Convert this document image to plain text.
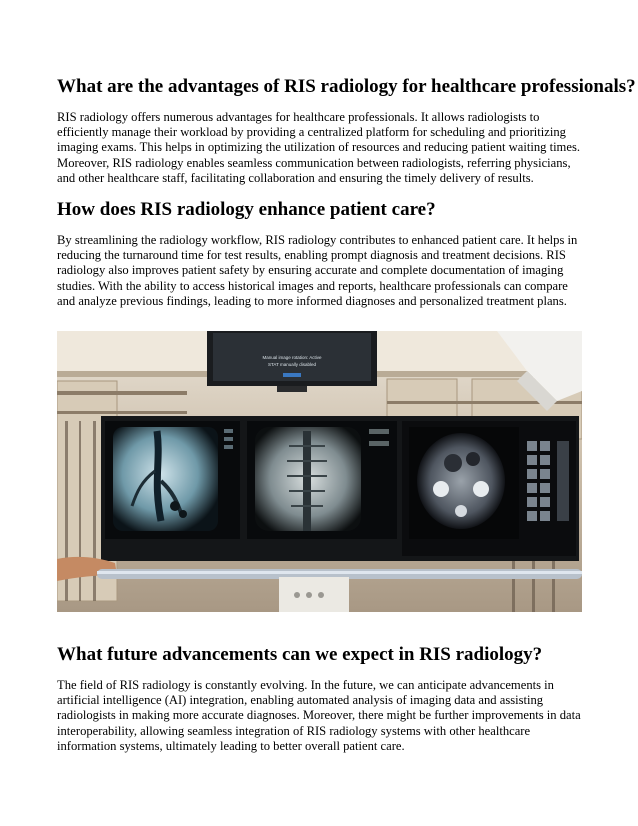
What are the advantages of RIS radiology for healthcare professionals?
RIS radiology offers numerous advantages for healthcare professionals. It allows radiologists to
efficiently manage their workload by providing a centralized platform for scheduling and prioritizing
imaging exams. This helps in optimizing the utilization of resources and reducing patient waiting times.
Moreover, RIS radiology enables seamless communication between radiologists, referring physicians,
and other healthcare staff, facilitating collaboration and ensuring the timely delivery of results.
How does RIS radiology enhance patient care?
By streamlining the radiology workflow, RIS radiology contributes to enhanced patient care. It helps in
reducing the turnaround time for test results, enabling prompt diagnosis and treatment decisions. RIS
radiology also improves patient safety by ensuring accurate and complete documentation of imaging
studies. With the ability to access historical images and reports, healthcare professionals can compare
and analyze previous findings, leading to more informed diagnoses and personalized treatment plans.
Manual image rotation: Active
STAT manually disabled
What future advancements can we expect in RIS radiology?
The field of RIS radiology is constantly evolving. In the future, we can anticipate advancements in
artificial intelligence (AI) integration, enabling automated analysis of imaging data and assisting
radiologists in making more accurate diagnoses. Moreover, there might be further improvements in data
interoperability, allowing seamless integration of RIS radiology systems with other healthcare
information systems, ultimately leading to better overall patient care.
